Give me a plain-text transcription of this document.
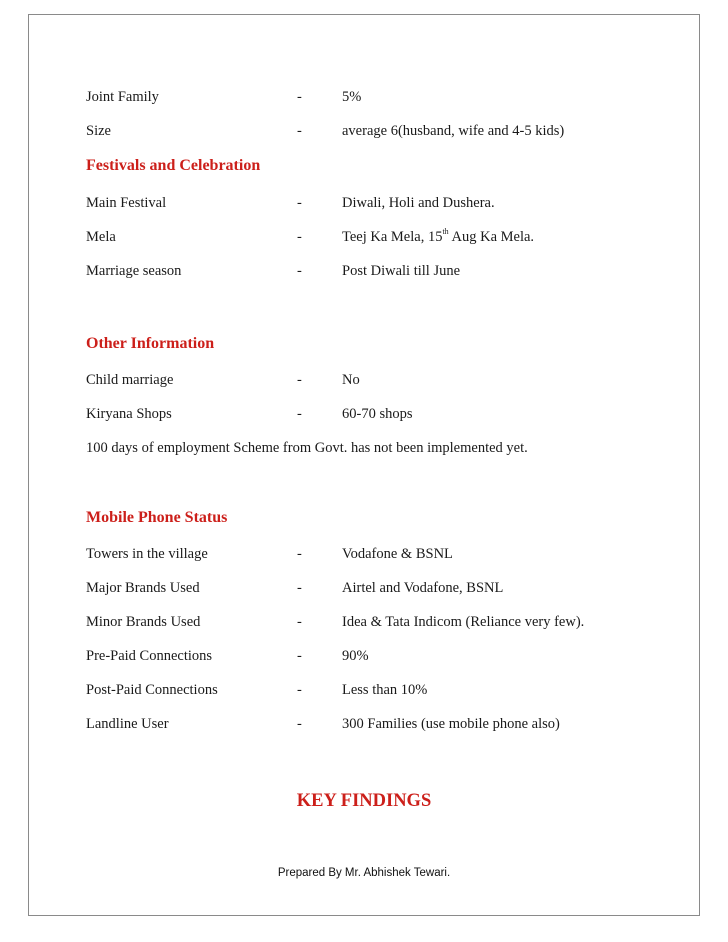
Joint Family	-	5%
Size	-	average 6(husband, wife and 4-5 kids)
Festivals and Celebration
Main Festival	-	Diwali, Holi and Dushera.
Mela	-	Teej Ka Mela, 15th Aug Ka Mela.
Marriage season	-	Post Diwali till June
Other Information
Child marriage	-	No
Kiryana Shops	-	60-70 shops
100 days of employment Scheme from Govt. has not been implemented yet.
Mobile Phone Status
Towers in the village	-	Vodafone & BSNL
Major Brands Used	-	Airtel and Vodafone, BSNL
Minor Brands Used	-	Idea & Tata Indicom (Reliance very few).
Pre-Paid Connections	-	90%
Post-Paid Connections	-	Less than 10%
Landline User	-	300 Families (use mobile phone also)
KEY FINDINGS
Prepared By Mr. Abhishek Tewari.
